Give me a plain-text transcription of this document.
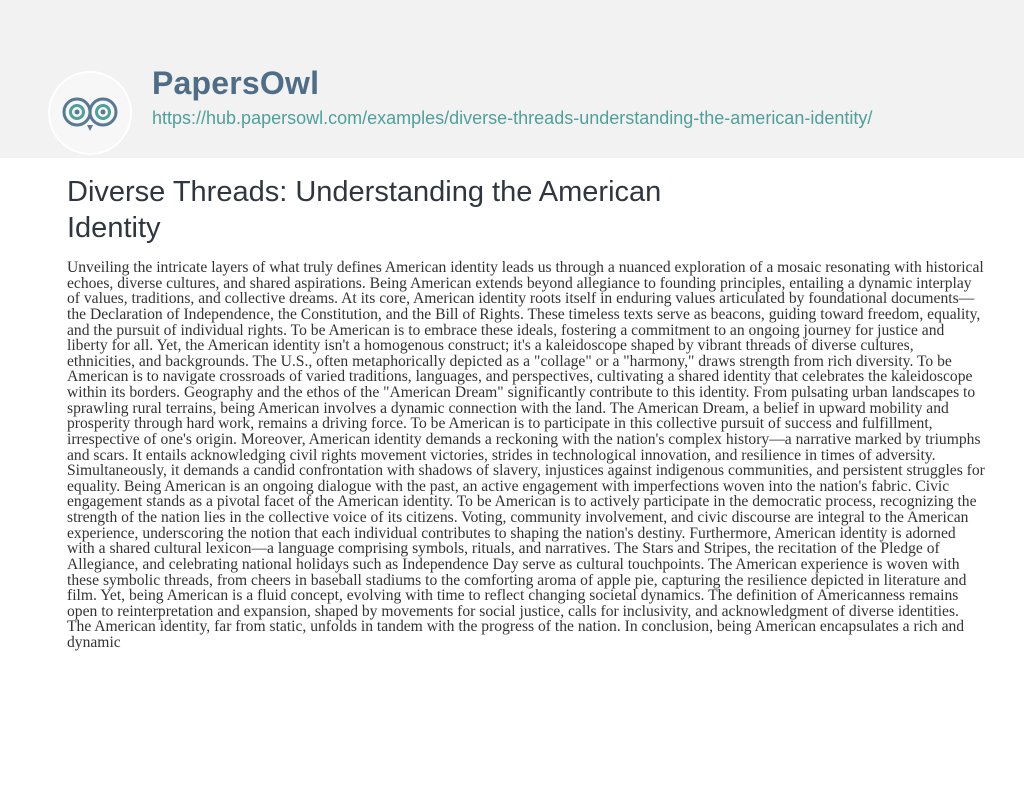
PapersOwl
https://hub.papersowl.com/examples/diverse-threads-understanding-the-american-identity/
Diverse Threads: Understanding the American Identity

Unveiling the intricate layers of what truly defines American identity leads us through a nuanced exploration of a mosaic resonating with historical echoes, diverse cultures, and shared aspirations. Being American extends beyond allegiance to founding principles, entailing a dynamic interplay of values, traditions, and collective dreams. At its core, American identity roots itself in enduring values articulated by foundational documents—the Declaration of Independence, the Constitution, and the Bill of Rights. These timeless texts serve as beacons, guiding toward freedom, equality, and the pursuit of individual rights. To be American is to embrace these ideals, fostering a commitment to an ongoing journey for justice and liberty for all. Yet, the American identity isn't a homogenous construct; it's a kaleidoscope shaped by vibrant threads of diverse cultures, ethnicities, and backgrounds. The U.S., often metaphorically depicted as a "collage" or a "harmony," draws strength from rich diversity. To be American is to navigate crossroads of varied traditions, languages, and perspectives, cultivating a shared identity that celebrates the kaleidoscope within its borders. Geography and the ethos of the "American Dream" significantly contribute to this identity. From pulsating urban landscapes to sprawling rural terrains, being American involves a dynamic connection with the land. The American Dream, a belief in upward mobility and prosperity through hard work, remains a driving force. To be American is to participate in this collective pursuit of success and fulfillment, irrespective of one's origin. Moreover, American identity demands a reckoning with the nation's complex history—a narrative marked by triumphs and scars. It entails acknowledging civil rights movement victories, strides in technological innovation, and resilience in times of adversity. Simultaneously, it demands a candid confrontation with shadows of slavery, injustices against indigenous communities, and persistent struggles for equality. Being American is an ongoing dialogue with the past, an active engagement with imperfections woven into the nation's fabric. Civic engagement stands as a pivotal facet of the American identity. To be American is to actively participate in the democratic process, recognizing the strength of the nation lies in the collective voice of its citizens. Voting, community involvement, and civic discourse are integral to the American experience, underscoring the notion that each individual contributes to shaping the nation's destiny. Furthermore, American identity is adorned with a shared cultural lexicon—a language comprising symbols, rituals, and narratives. The Stars and Stripes, the recitation of the Pledge of Allegiance, and celebrating national holidays such as Independence Day serve as cultural touchpoints. The American experience is woven with these symbolic threads, from cheers in baseball stadiums to the comforting aroma of apple pie, capturing the resilience depicted in literature and film. Yet, being American is a fluid concept, evolving with time to reflect changing societal dynamics. The definition of Americanness remains open to reinterpretation and expansion, shaped by movements for social justice, calls for inclusivity, and acknowledgment of diverse identities. The American identity, far from static, unfolds in tandem with the progress of the nation. In conclusion, being American encapsulates a rich and dynamic
